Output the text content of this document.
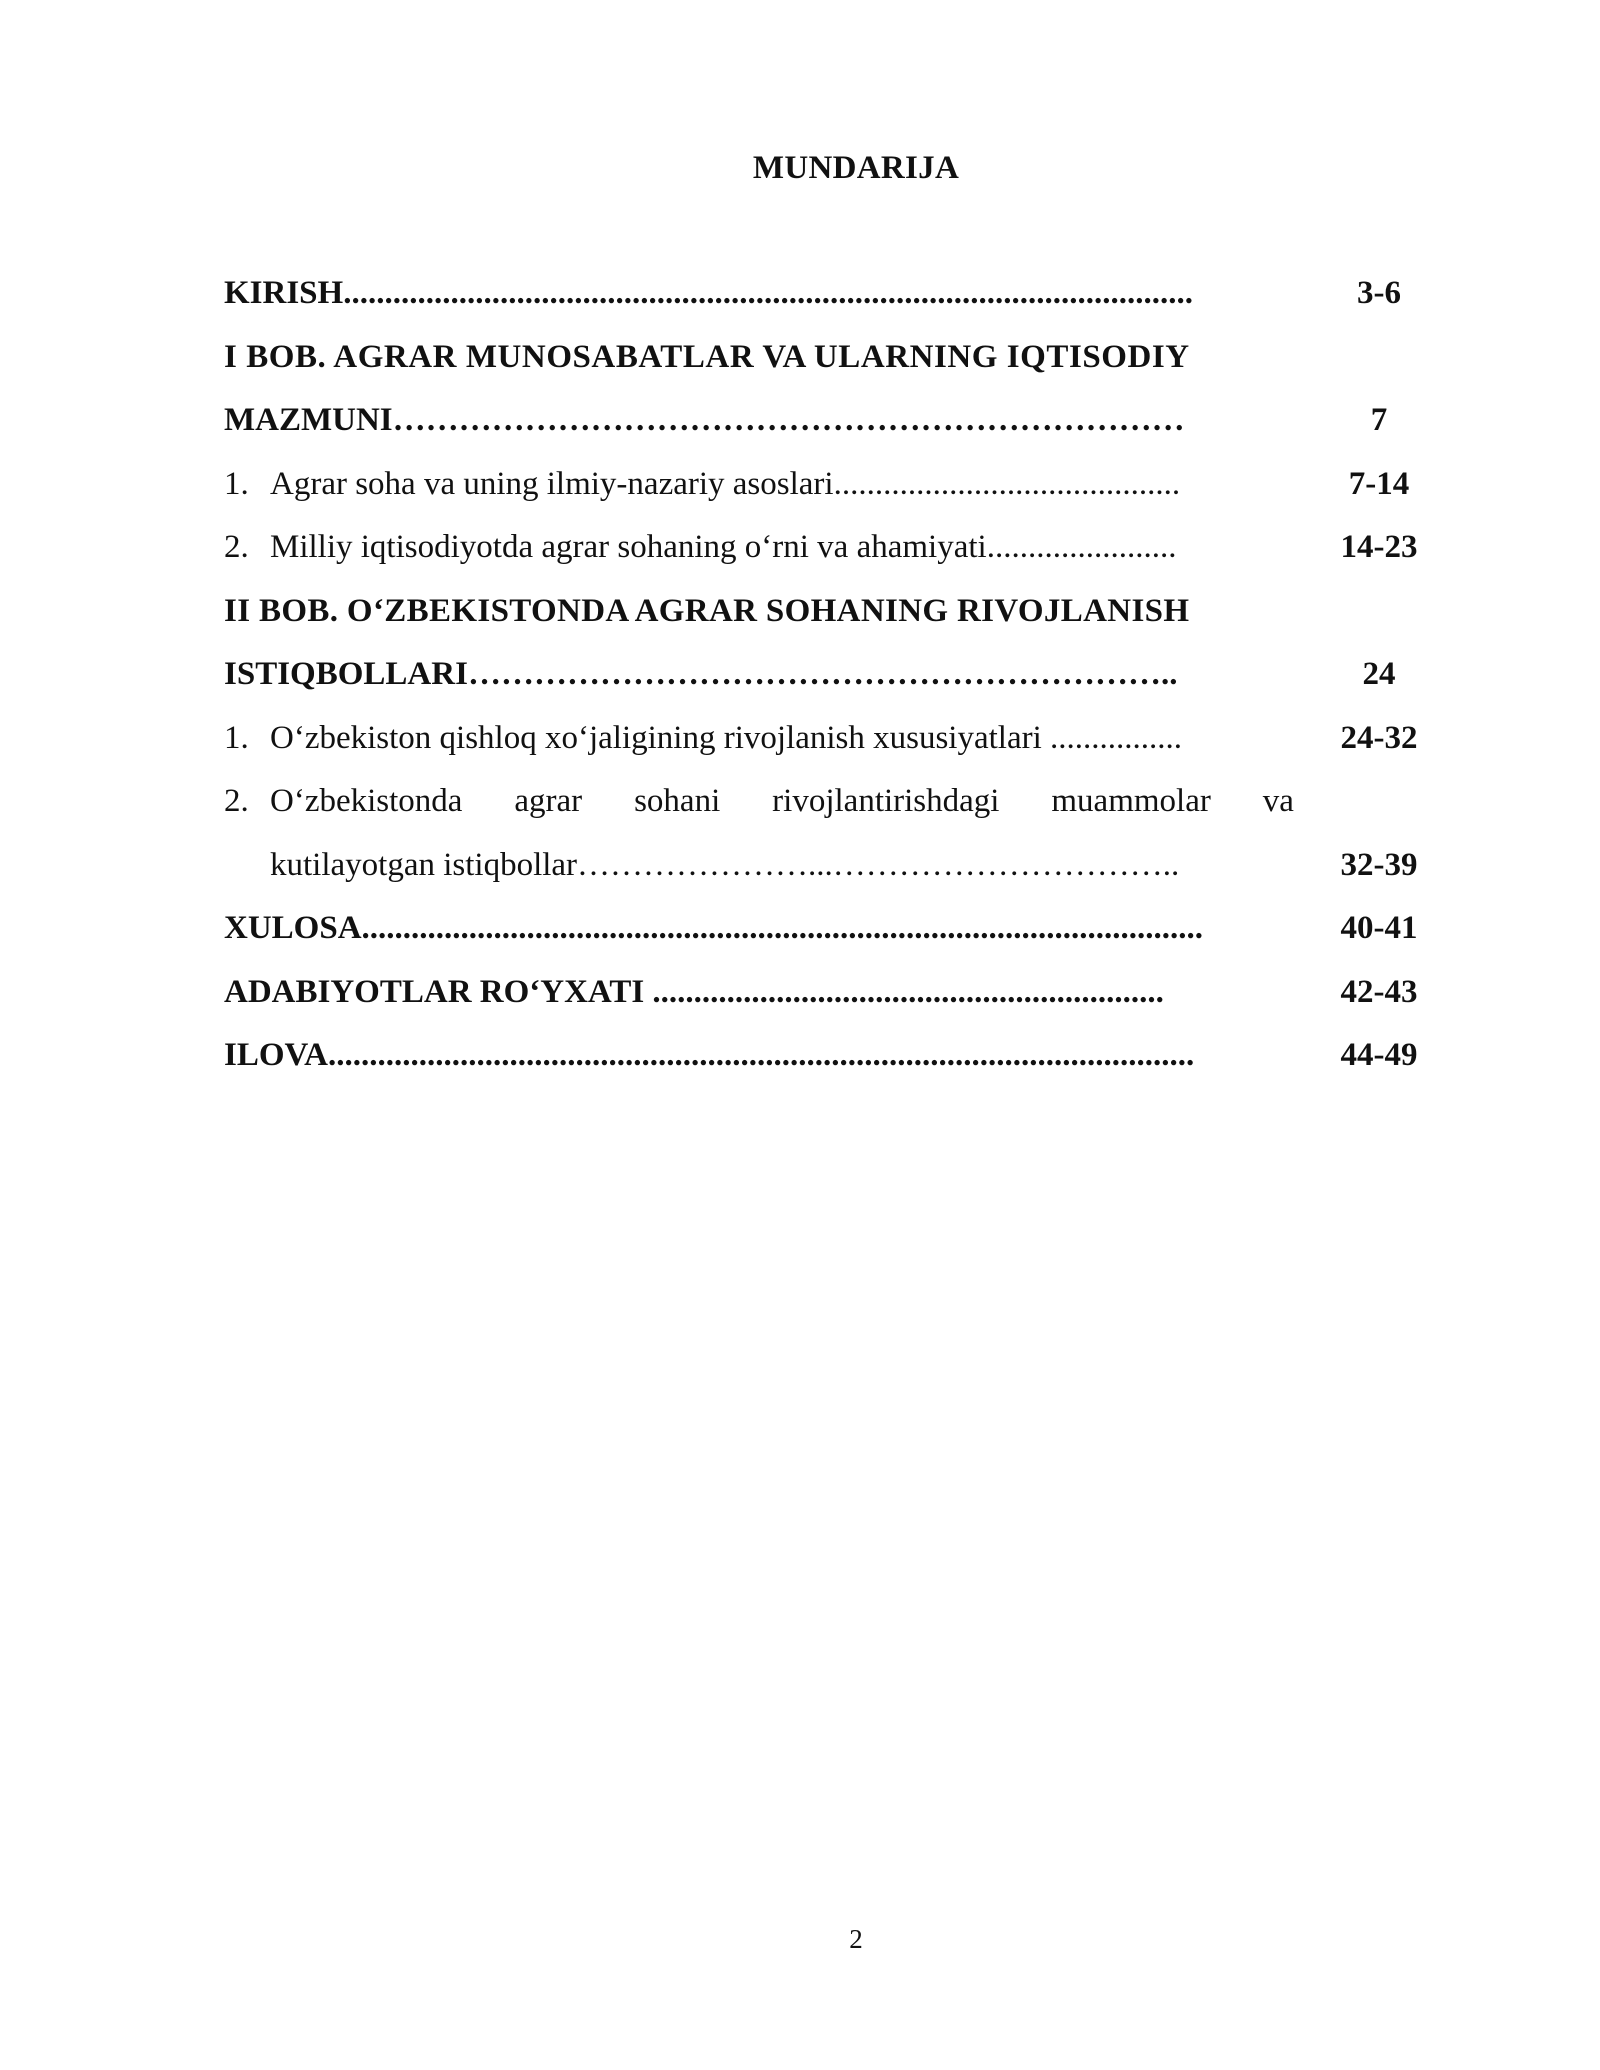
MUNDARIJA
KIRISH.......................................................................................................	3-6
I BOB. AGRAR MUNOSABATLAR VA ULARNING IQTISODIY
MAZMUNI………………………………………………………………	7
1. Agrar soha va uning ilmiy-nazariy asoslari..........................................	7-14
2. Milliy iqtisodiyotda agrar sohaning o‘rni va ahamiyati.......................	14-23
II BOB. O‘ZBEKISTONDA AGRAR SOHANING RIVOJLANISH
ISTIQBOLLARI………………………………………………………..	24
1. O‘zbekiston qishloq xo‘jaligining rivojlanish xususiyatlari ................	24-32
2. O‘zbekistonda agrar sohani rivojlantirishdagi muammolar va
kutilayotgan istiqbollar…………………...…………………………..	32-39
XULOSA......................................................................................................	40-41
ADABIYOTLAR RO‘YXATI ..............................................................	42-43
ILOVA.........................................................................................................	44-49
2
